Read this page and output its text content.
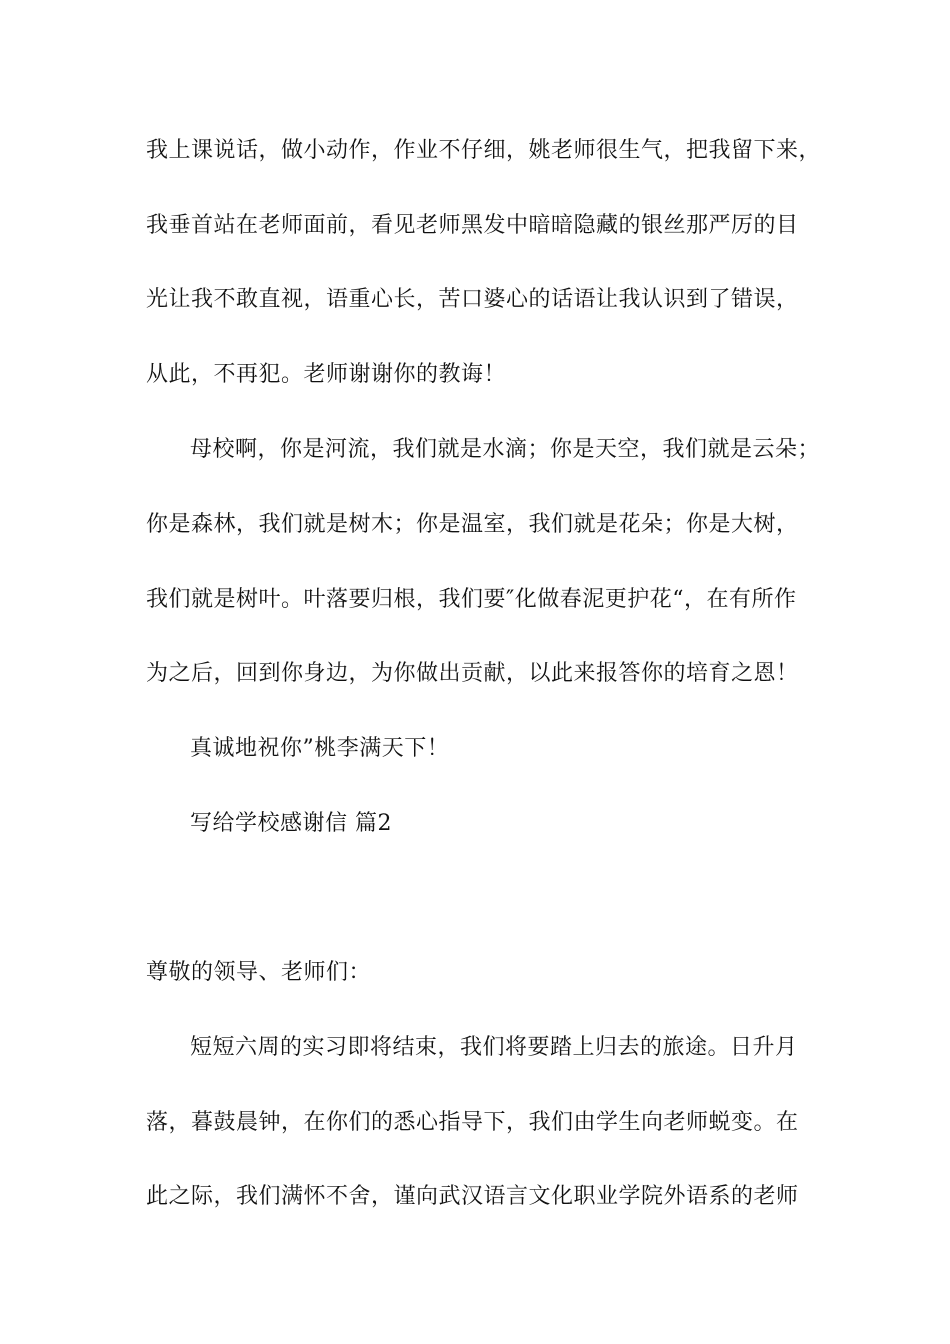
我上课说话，做小动作，作业不仔细，姚老师很生气，把我留下来，
我垂首站在老师面前，看见老师黑发中暗暗隐藏的银丝那严厉的目
光让我不敢直视，语重心长，苦口婆心的话语让我认识到了错误，
从此，不再犯。老师谢谢你的教诲！
母校啊，你是河流，我们就是水滴；你是天空，我们就是云朵；
你是森林，我们就是树木；你是温室，我们就是花朵；你是大树，
我们就是树叶。叶落要归根，我们要″化做春泥更护花“，在有所作
为之后，回到你身边，为你做出贡献，以此来报答你的培育之恩！
真诚地祝你”桃李满天下！
写给学校感谢信 篇2
尊敬的领导、老师们：
短短六周的实习即将结束，我们将要踏上归去的旅途。日升月
落，暮鼓晨钟，在你们的悉心指导下，我们由学生向老师蜕变。在
此之际，我们满怀不舍，谨向武汉语言文化职业学院外语系的老师
